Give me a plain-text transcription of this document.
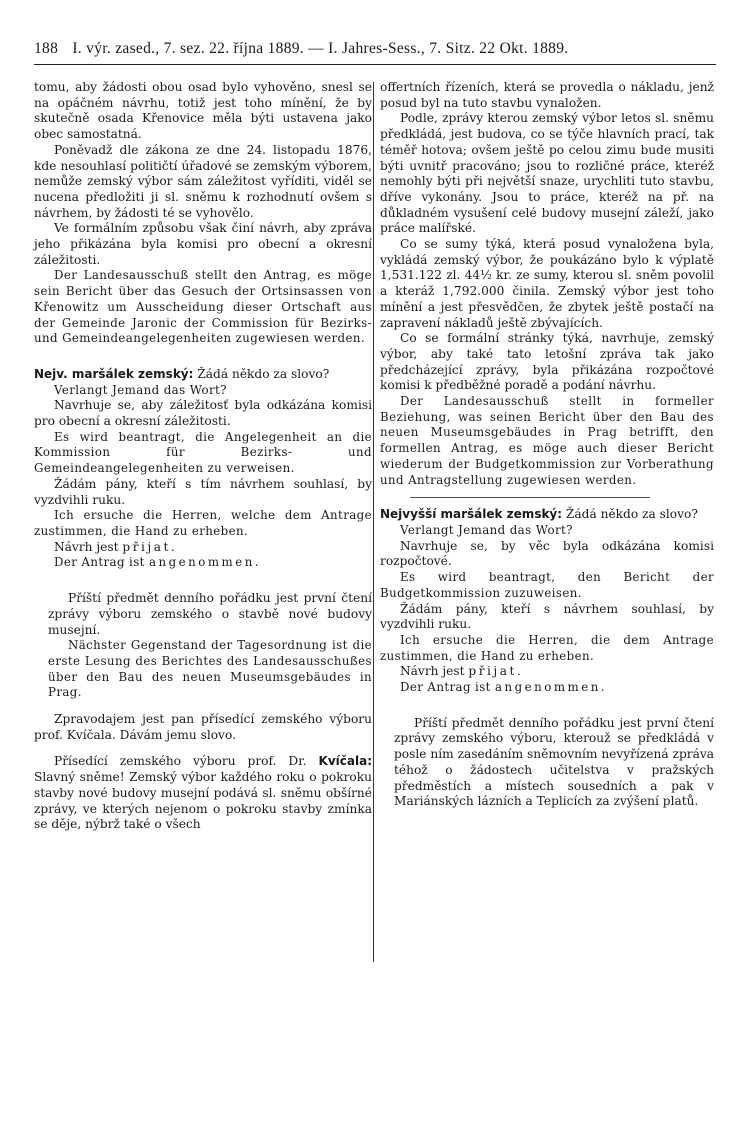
188 I. výr. zased., 7. sez. 22. října 1889. — I. Jahres-Sess., 7. Sitz. 22 Okt. 1889.

tomu, aby žádosti obou osad bylo vyhověno, snesl se na opáčném návrhu, totiž jest toho mínění, že by skutečně osada Křenovice měla býti ustavena jako obec samostatná.

Poněvadž dle zákona ze dne 24. listopadu 1876, kde nesouhlasí političtí úřadové se zemským výborem, nemůže zemský výbor sám záležitost vyříditi, viděl se nucena předložiti ji sl. sněmu k rozhodnutí ovšem s návrhem, by žádosti té se vyhovělo.

Ve formálním způsobu však činí návrh, aby zpráva jeho přikázána byla komisi pro obecní a okresní záležitosti.

Der Landesausschuß stellt den Antrag, es möge sein Bericht über das Gesuch der Ortsinsassen von Křenowitz um Ausscheidung dieser Ortschaft aus der Gemeinde Jaronic der Commission für Bezirks- und Gemeindeangelegenheiten zugewiesen werden.

Nejv. maršálek zemský: Žádá někdo za slovo?

Verlangt Jemand das Wort?

Navrhuje se, aby záležitosť byla odkázána komisi pro obecní a okresní záležitosti.

Es wird beantragt, die Angelegenheit an die Kommission für Bezirks- und Gemeindeangelegenheiten zu verweisen.

Žádám pány, kteří s tím návrhem souhlasí, by vyzdvihli ruku.

Ich ersuche die Herren, welche dem Antrage zustimmen, die Hand zu erheben.

Návrh jest přijat.

Der Antrag ist angenommen.

Příští předmět denního pořádku jest první čtení zprávy výboru zemského o stavbě nové budovy musejní.

Nächster Gegenstand der Tagesordnung ist die erste Lesung des Berichtes des Landesausschußes über den Bau des neuen Museumsgebäudes in Prag.

Zpravodajem jest pan přísedící zemského výboru prof. Kvíčala. Dávám jemu slovo.

Přísedící zemského výboru prof. Dr. Kvíčala: Slavný sněme! Zemský výbor každého roku o pokroku stavby nové budovy musejní podává sl. sněmu obšírné zprávy, ve kterých nejenom o pokroku stavby zmínka se děje, nýbrž také o všech

offertních řízeních, která se provedla o nákladu, jenž posud byl na tuto stavbu vynaložen.

Podle, zprávy kterou zemský výbor letos sl. sněmu předkládá, jest budova, co se týče hlavních prací, tak téměř hotova; ovšem ještě po celou zimu bude musiti býti uvnitř pracováno; jsou to rozličné práce, kteréž nemohly býti při největší snaze, urychliti tuto stavbu, dříve vykonány. Jsou to práce, kteréž na př. na důkladném vysušení celé budovy musejní záleží, jako práce malířské.

Co se sumy týká, která posud vynaložena byla, vykládá zemský výbor, že poukázáno bylo k výplatě 1,531.122 zl. 44½ kr. ze sumy, kterou sl. sněm povolil a kteráž 1,792.000 činila. Zemský výbor jest toho mínění a jest přesvědčen, že zbytek ještě postačí na zapravení nákladů ještě zbývajících.

Co se formální stránky týká, navrhuje, zemský výbor, aby také tato letošní zpráva tak jako předcházející zprávy, byla přikázána rozpočtové komisi k předběžné poradě a podání návrhu.

Der Landesausschuß stellt in formeller Beziehung, was seinen Bericht über den Bau des neuen Museumsgebäudes in Prag betrifft, den formellen Antrag, es möge auch dieser Bericht wiederum der Budgetkommission zur Vorberathung und Antragstellung zugewiesen werden.

Nejvyšší maršálek zemský: Žádá někdo za slovo?

Verlangt Jemand das Wort?

Navrhuje se, by věc byla odkázána komisi rozpočtové.

Es wird beantragt, den Bericht der Budgetkommission zuzuweisen.

Žádám pány, kteří s návrhem souhlasí, by vyzdvihli ruku.

Ich ersuche die Herren, die dem Antrage zustimmen, die Hand zu erheben.

Návrh jest přijat.

Der Antrag ist angenommen.

Příští předmět denního pořádku jest první čtení zprávy zemského výboru, kterouž se předkládá v posle ním zasedáním sněmovním nevyřízená zpráva téhož o žádostech učitelstva v pražských předměstích a místech sousedních a pak v Mariánských lázních a Teplicích za zvýšení platů.
